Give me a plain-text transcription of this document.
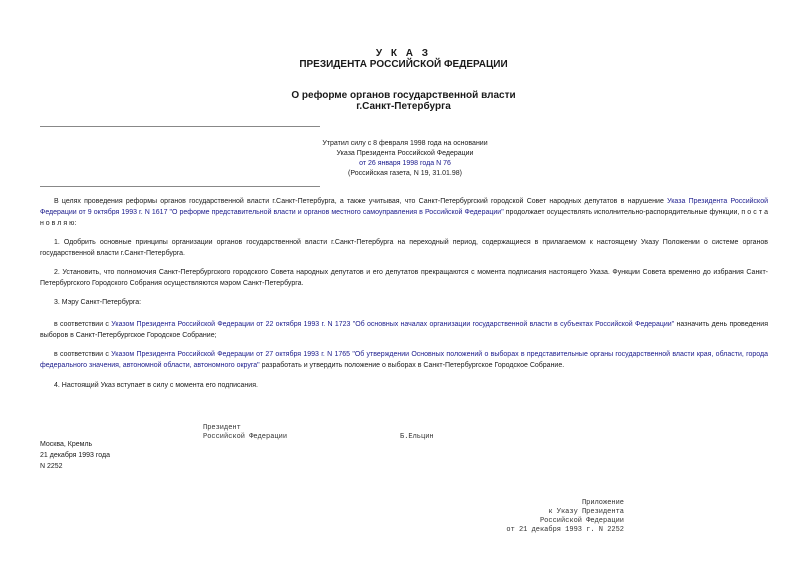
У К А З
ПРЕЗИДЕНТА РОССИЙСКОЙ ФЕДЕРАЦИИ
О реформе органов государственной власти
г.Санкт-Петербурга
Утратил силу с 8 февраля 1998 года на основании
Указа Президента Российской Федерации
от 26 января 1998 года N 76
(Российская газета, N 19, 31.01.98)
В целях проведения реформы органов государственной власти г.Санкт-Петербурга, а также учитывая, что Санкт-Петербургский городской Совет народных депутатов в нарушение Указа Президента Российской Федерации от 9 октября 1993 г. N 1617 "О реформе представительной власти и органов местного самоуправления в Российской Федерации" продолжает осуществлять исполнительно-распорядительные функции, п о с т а н о в л я ю:
1. Одобрить основные принципы организации органов государственной власти г.Санкт-Петербурга на переходный период, содержащиеся в прилагаемом к настоящему Указу Положении о системе органов государственной власти г.Санкт-Петербурга.
2. Установить, что полномочия Санкт-Петербургского городского Совета народных депутатов и его депутатов прекращаются с момента подписания настоящего Указа. Функции Совета временно до избрания Санкт-Петербургского Городского Собрания осуществляются мэром Санкт-Петербурга.
3. Мэру Санкт-Петербурга:
в соответствии с Указом Президента Российской Федерации от 22 октября 1993 г. N 1723 "Об основных началах организации государственной власти в субъектах Российской Федерации" назначить день проведения выборов в Санкт-Петербургское Городское Собрание;
в соответствии с Указом Президента Российской Федерации от 27 октября 1993 г. N 1765 "Об утверждении Основных положений о выборах в представительные органы государственной власти края, области, города федерального значения, автономной области, автономного округа" разработать и утвердить положение о выборах в Санкт-Петербургское Городское Собрание.
4. Настоящий Указ вступает в силу с момента его подписания.
Президент
Российской Федерации	Б.Ельцин
Москва, Кремль
21 декабря 1993 года
N 2252
Приложение
к Указу Президента
Российской Федерации
от 21 декабря 1993 г. N 2252
